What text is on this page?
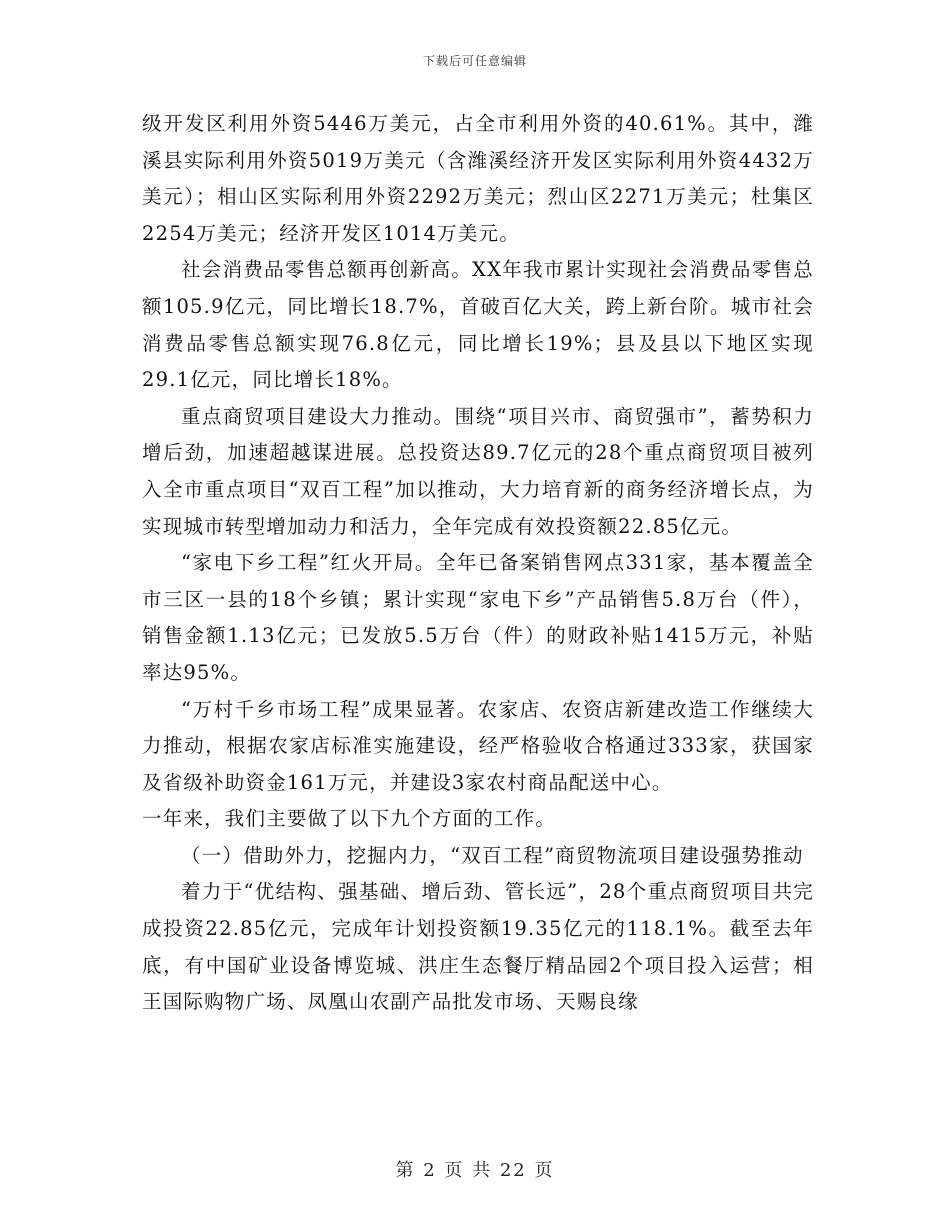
下载后可任意编辑

级开发区利用外资5446万美元，占全市利用外资的40.61%。其中，潍溪县实际利用外资5019万美元（含潍溪经济开发区实际利用外资4432万美元）；相山区实际利用外资2292万美元；烈山区2271万美元；杜集区2254万美元；经济开发区1014万美元。

社会消费品零售总额再创新高。XX年我市累计实现社会消费品零售总额105.9亿元，同比增长18.7%，首破百亿大关，跨上新台阶。城市社会消费品零售总额实现76.8亿元，同比增长19%；县及县以下地区实现29.1亿元，同比增长18%。

重点商贸项目建设大力推动。围绕“项目兴市、商贸强市”，蓄势积力增后劲，加速超越谋进展。总投资达89.7亿元的28个重点商贸项目被列入全市重点项目“双百工程”加以推动，大力培育新的商务经济增长点，为实现城市转型增加动力和活力，全年完成有效投资额22.85亿元。

“家电下乡工程”红火开局。全年已备案销售网点331家，基本覆盖全市三区一县的18个乡镇；累计实现“家电下乡”产品销售5.8万台（件），销售金额1.13亿元；已发放5.5万台（件）的财政补贴1415万元，补贴率达95%。

“万村千乡市场工程”成果显著。农家店、农资店新建改造工作继续大力推动，根据农家店标准实施建设，经严格验收合格通过333家，获国家及省级补助资金161万元，并建设3家农村商品配送中心。

一年来，我们主要做了以下九个方面的工作。

（一）借助外力，挖掘内力，“双百工程”商贸物流项目建设强势推动

着力于“优结构、强基础、增后劲、管长远”，28个重点商贸项目共完成投资22.85亿元，完成年计划投资额19.35亿元的118.1%。截至去年底，有中国矿业设备博览城、洪庄生态餐厅精品园2个项目投入运营；相王国际购物广场、凤凰山农副产品批发市场、天赐良缘

第 2 页 共 22 页
